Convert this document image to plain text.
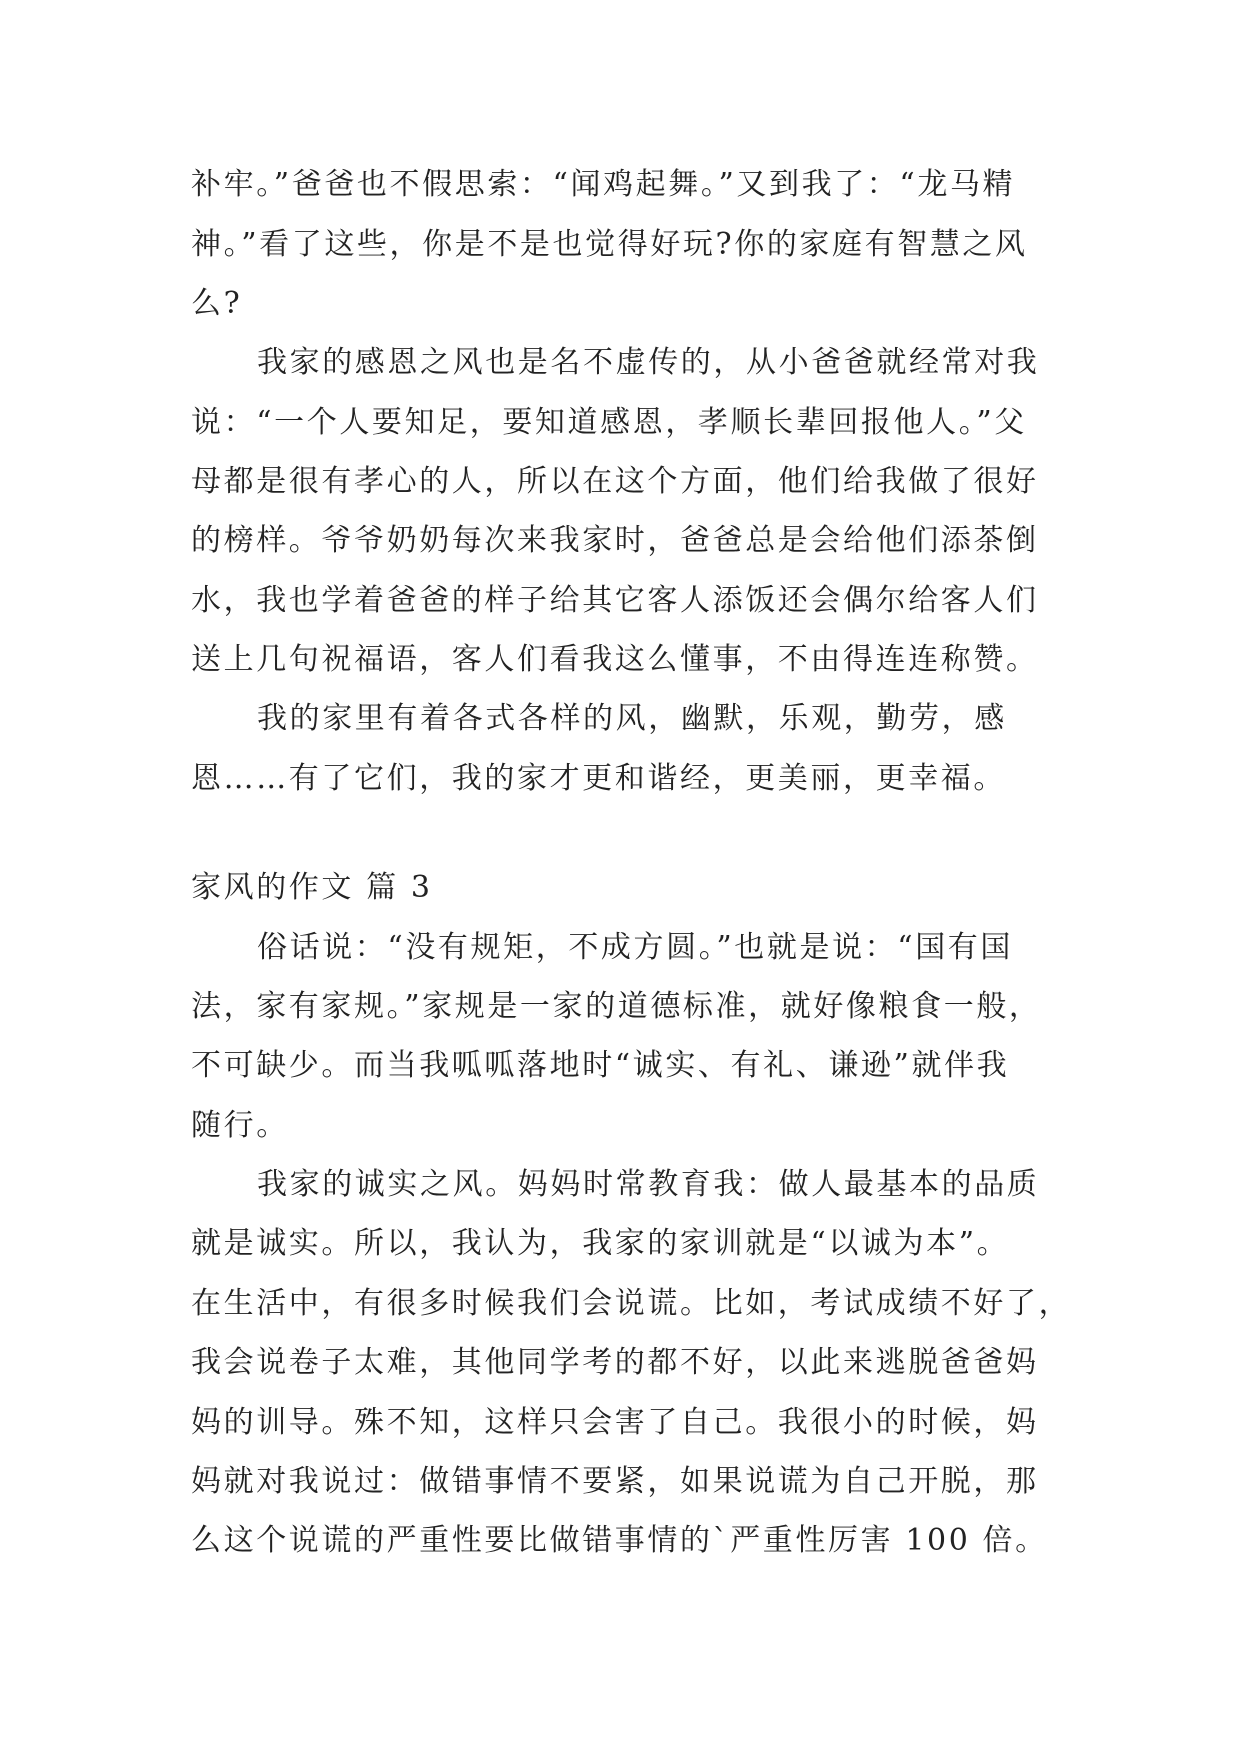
补牢。”爸爸也不假思索：“闻鸡起舞。”又到我了：“龙马精
神。”看了这些，你是不是也觉得好玩?你的家庭有智慧之风
么?
我家的感恩之风也是名不虚传的，从小爸爸就经常对我
说：“一个人要知足，要知道感恩，孝顺长辈回报他人。”父
母都是很有孝心的人，所以在这个方面，他们给我做了很好
的榜样。爷爷奶奶每次来我家时，爸爸总是会给他们添茶倒
水，我也学着爸爸的样子给其它客人添饭还会偶尔给客人们
送上几句祝福语，客人们看我这么懂事，不由得连连称赞。
我的家里有着各式各样的风，幽默，乐观，勤劳，感
恩……有了它们，我的家才更和谐经，更美丽，更幸福。
家风的作文 篇 3
俗话说：“没有规矩，不成方圆。”也就是说：“国有国
法，家有家规。”家规是一家的道德标准，就好像粮食一般，
不可缺少。而当我呱呱落地时“诚实、有礼、谦逊”就伴我
随行。
我家的诚实之风。妈妈时常教育我：做人最基本的品质
就是诚实。所以，我认为，我家的家训就是“以诚为本”。
在生活中，有很多时候我们会说谎。比如，考试成绩不好了，
我会说卷子太难，其他同学考的都不好，以此来逃脱爸爸妈
妈的训导。殊不知，这样只会害了自己。我很小的时候，妈
妈就对我说过：做错事情不要紧，如果说谎为自己开脱，那
么这个说谎的严重性要比做错事情的`严重性厉害 100 倍。
